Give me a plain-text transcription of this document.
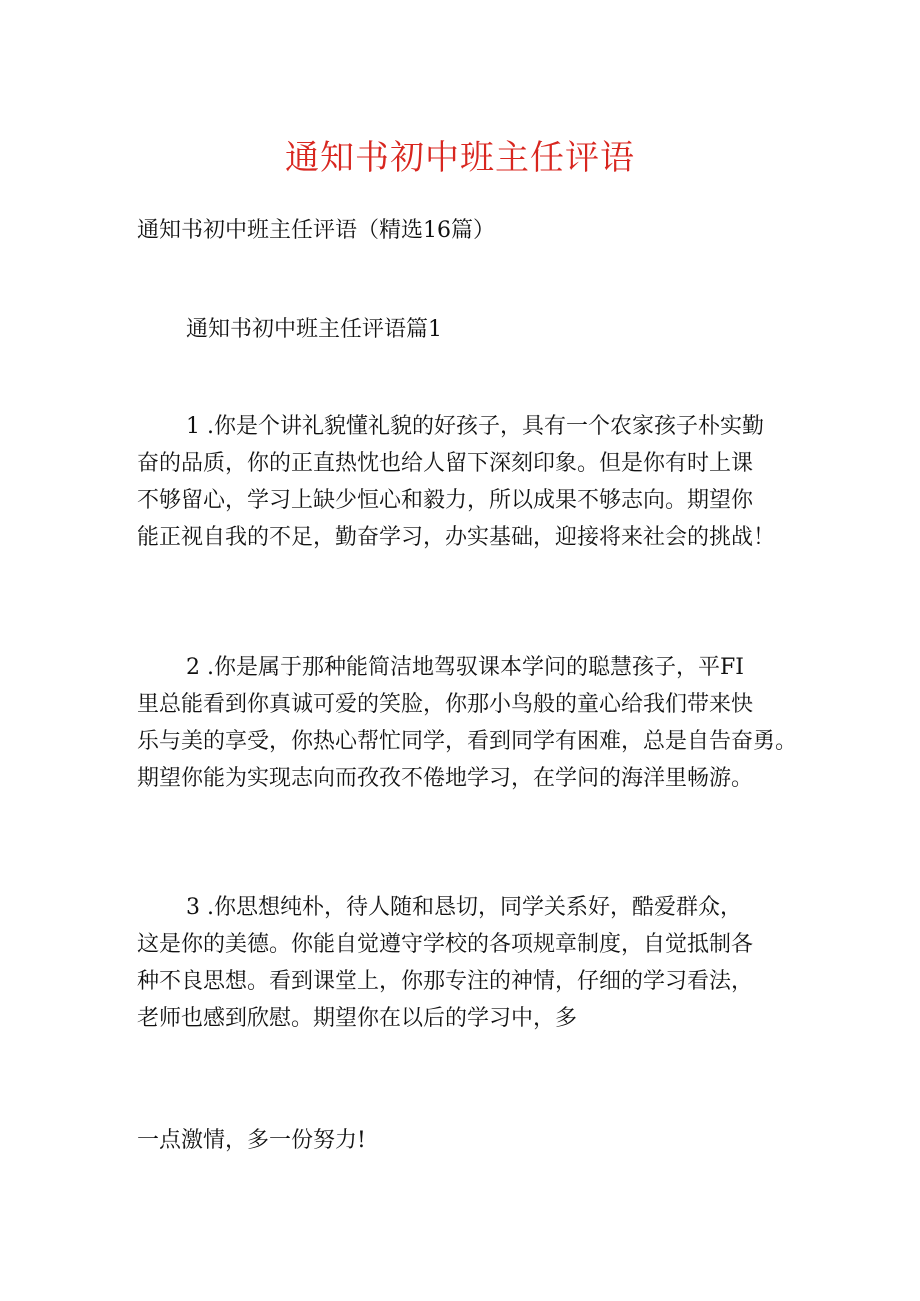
通知书初中班主任评语
通知书初中班主任评语（精选16篇）
通知书初中班主任评语篇1
1 .你是个讲礼貌懂礼貌的好孩子，具有一个农家孩子朴实勤
奋的品质，你的正直热忱也给人留下深刻印象。但是你有时上课
不够留心，学习上缺少恒心和毅力，所以成果不够志向。期望你
能正视自我的不足，勤奋学习，办实基础，迎接将来社会的挑战！
2 .你是属于那种能简洁地驾驭课本学问的聪慧孩子，平FI
里总能看到你真诚可爱的笑脸，你那小鸟般的童心给我们带来快
乐与美的享受，你热心帮忙同学，看到同学有困难，总是自告奋勇。
期望你能为实现志向而孜孜不倦地学习，在学问的海洋里畅游。
3 .你思想纯朴，待人随和恳切，同学关系好，酷爱群众，
这是你的美德。你能自觉遵守学校的各项规章制度，自觉抵制各
种不良思想。看到课堂上，你那专注的神情，仔细的学习看法，
老师也感到欣慰。期望你在以后的学习中，多
一点激情，多一份努力!
